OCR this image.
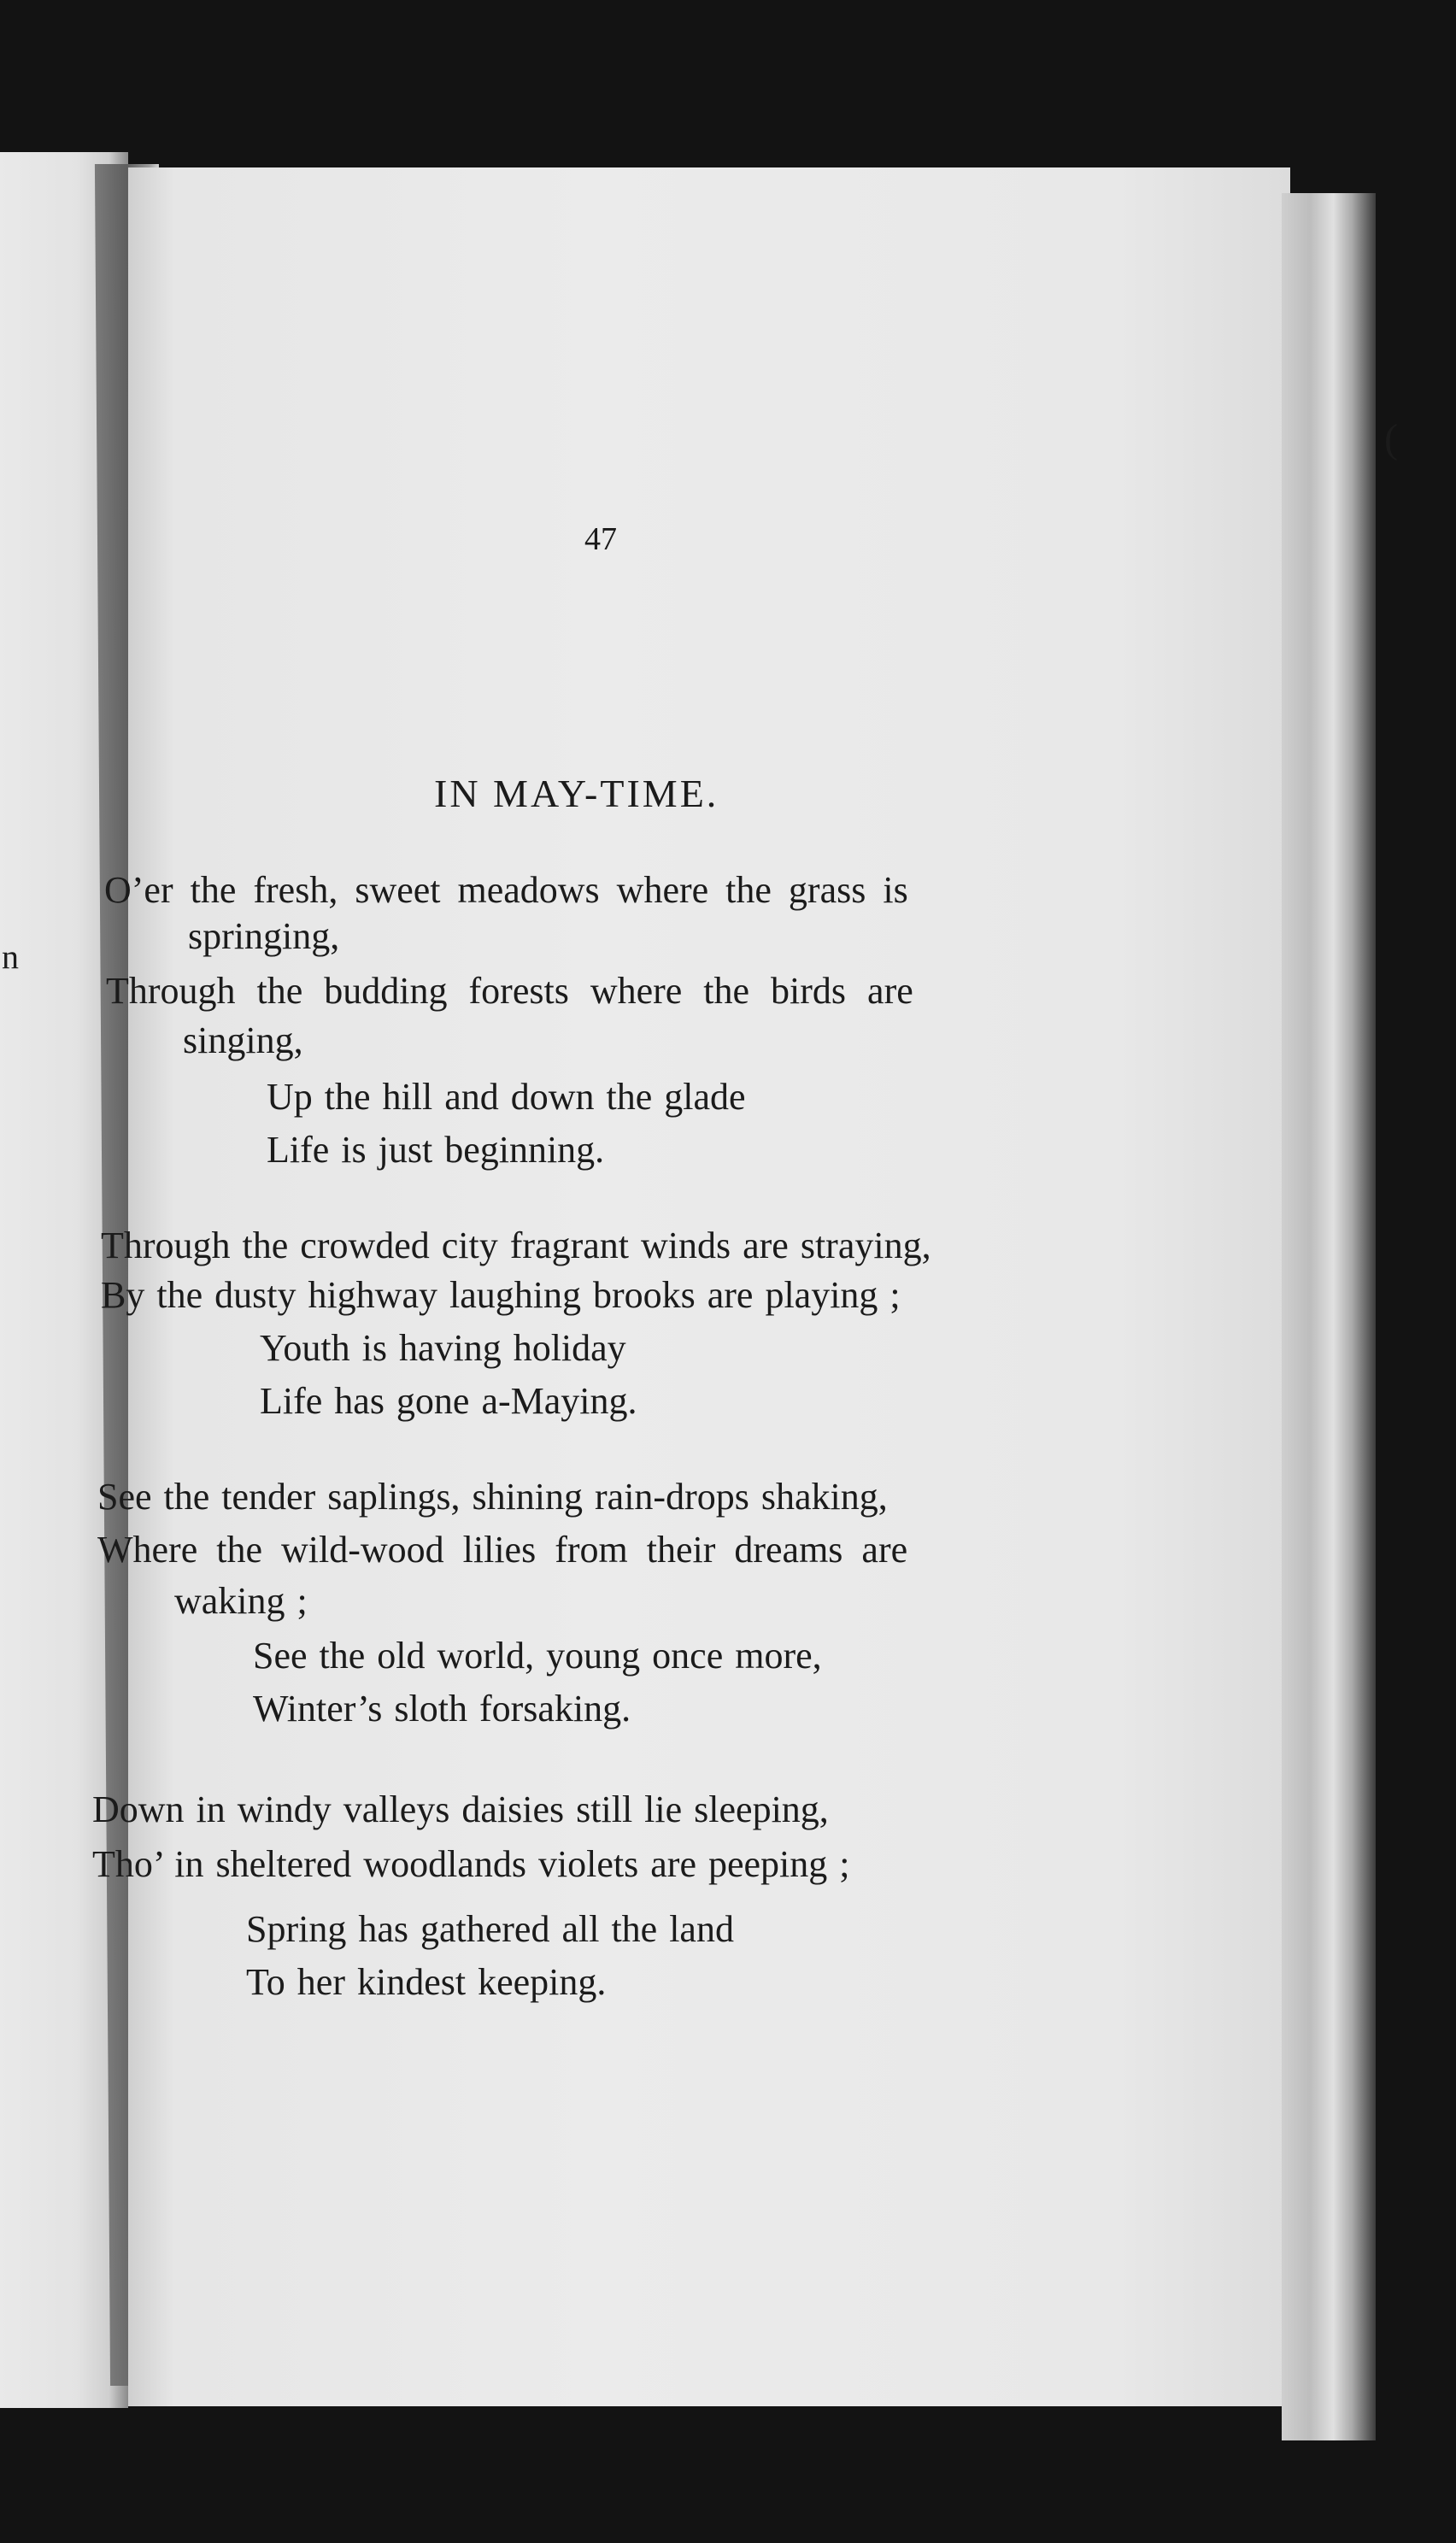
n
(
47
IN MAY-TIME.
O’er the fresh, sweet meadows where the grass is
springing,
Through the budding forests where the birds are
singing,
Up the hill and down the glade
Life is just beginning.
Through the crowded city fragrant winds are straying,
By the dusty highway laughing brooks are playing ;
Youth is having holiday
Life has gone a-Maying.
See the tender saplings, shining rain-drops shaking,
Where the wild-wood lilies from their dreams are
waking ;
See the old world, young once more,
Winter’s sloth forsaking.
Down in windy valleys daisies still lie sleeping,
Tho’ in sheltered woodlands violets are peeping ;
Spring has gathered all the land
To her kindest keeping.
